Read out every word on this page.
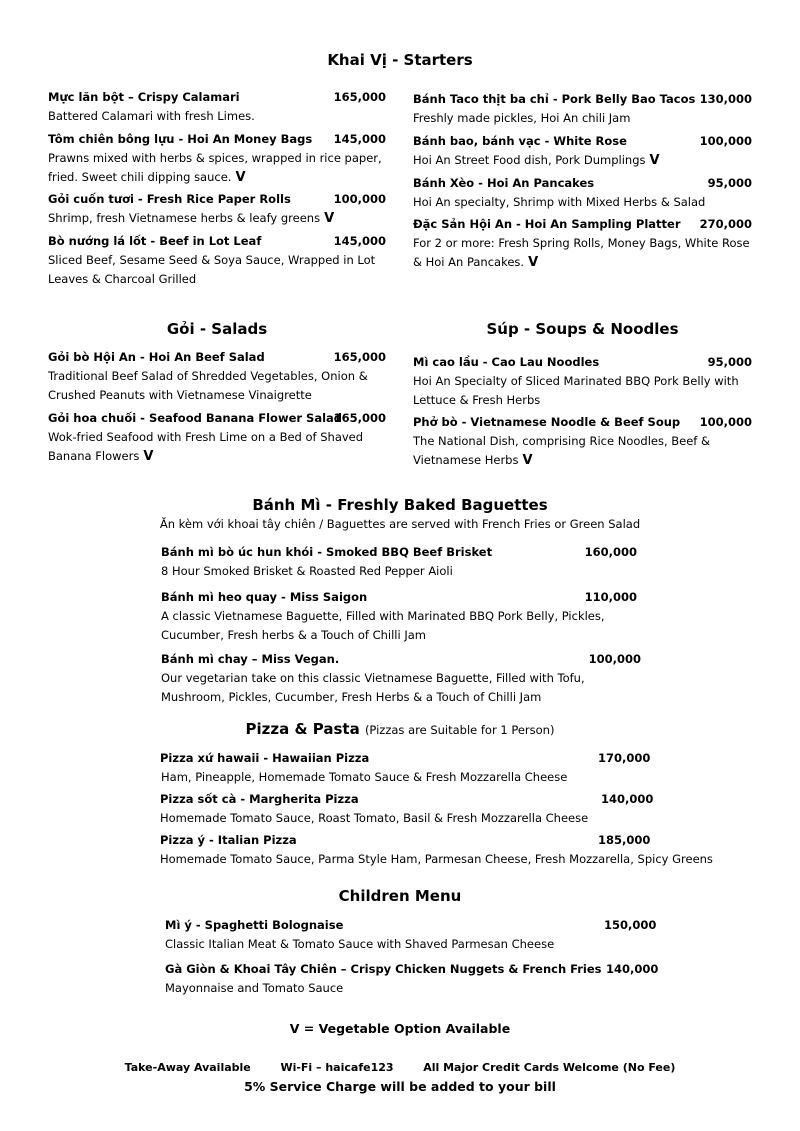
Khai Vị - Starters
Mực lăn bột – Crispy Calamari	165,000
Battered Calamari with fresh Limes.
Tôm chiên bông lựu - Hoi An Money Bags 145,000
Prawns mixed with herbs & spices, wrapped in rice paper, fried. Sweet chili dipping sauce. V
Gỏi cuốn tươi - Fresh Rice Paper Rolls	100,000
Shrimp, fresh Vietnamese herbs & leafy greens V
Bò nướng lá lốt - Beef in Lot Leaf	145,000
Sliced Beef, Sesame Seed & Soya Sauce, Wrapped in Lot Leaves & Charcoal Grilled
Bánh Taco thịt ba chỉ - Pork Belly Bao Tacos 130,000
Freshly made pickles, Hoi An chili Jam
Bánh bao, bánh vạc - White Rose	100,000
Hoi An Street Food dish, Pork Dumplings V
Bánh Xèo - Hoi An Pancakes	95,000
Hoi An specialty, Shrimp with Mixed Herbs & Salad
Đặc Sản Hội An - Hoi An Sampling Platter 270,000
For 2 or more: Fresh Spring Rolls, Money Bags, White Rose & Hoi An Pancakes. V
Gỏi - Salads
Gỏi bò Hội An - Hoi An Beef Salad	165,000
Traditional Beef Salad of Shredded Vegetables, Onion & Crushed Peanuts with Vietnamese Vinaigrette
Gỏi hoa chuối - Seafood Banana Flower Salad
165,000
Wok-fried Seafood with Fresh Lime on a Bed of Shaved Banana Flowers V
Súp - Soups & Noodles
Mì cao lầu - Cao Lau Noodles	95,000
Hoi An Specialty of Sliced Marinated BBQ Pork Belly with Lettuce & Fresh Herbs
Phở bò - Vietnamese Noodle & Beef Soup 100,000
The National Dish, comprising Rice Noodles, Beef & Vietnamese Herbs V
Bánh Mì - Freshly Baked Baguettes
Ăn kèm với khoai tây chiên / Baguettes are served with French Fries or Green Salad
Bánh mì bò úc hun khói - Smoked BBQ Beef Brisket	160,000
8 Hour Smoked Brisket & Roasted Red Pepper Aioli
Bánh mì heo quay - Miss Saigon	110,000
A classic Vietnamese Baguette, Filled with Marinated BBQ Pork Belly, Pickles, Cucumber, Fresh herbs & a Touch of Chilli Jam
Bánh mì chay – Miss Vegan.	100,000
Our vegetarian take on this classic Vietnamese Baguette, Filled with Tofu, Mushroom, Pickles, Cucumber, Fresh Herbs & a Touch of Chilli Jam
Pizza & Pasta (Pizzas are Suitable for 1 Person)
Pizza xứ hawaii - Hawaiian Pizza	170,000
Ham, Pineapple, Homemade Tomato Sauce & Fresh Mozzarella Cheese
Pizza sốt cà - Margherita Pizza	140,000
Homemade Tomato Sauce, Roast Tomato, Basil & Fresh Mozzarella Cheese
Pizza ý - Italian Pizza	185,000
Homemade Tomato Sauce, Parma Style Ham, Parmesan Cheese, Fresh Mozzarella, Spicy Greens
Children Menu
Mì ý - Spaghetti Bolognaise	150,000
Classic Italian Meat & Tomato Sauce with Shaved Parmesan Cheese
Gà Giòn & Khoai Tây Chiên – Crispy Chicken Nuggets & French Fries 140,000
Mayonnaise and Tomato Sauce
V = Vegetable Option Available
Take-Away Available	Wi-Fi – haicafe123	All Major Credit Cards Welcome (No Fee)
5% Service Charge will be added to your bill
